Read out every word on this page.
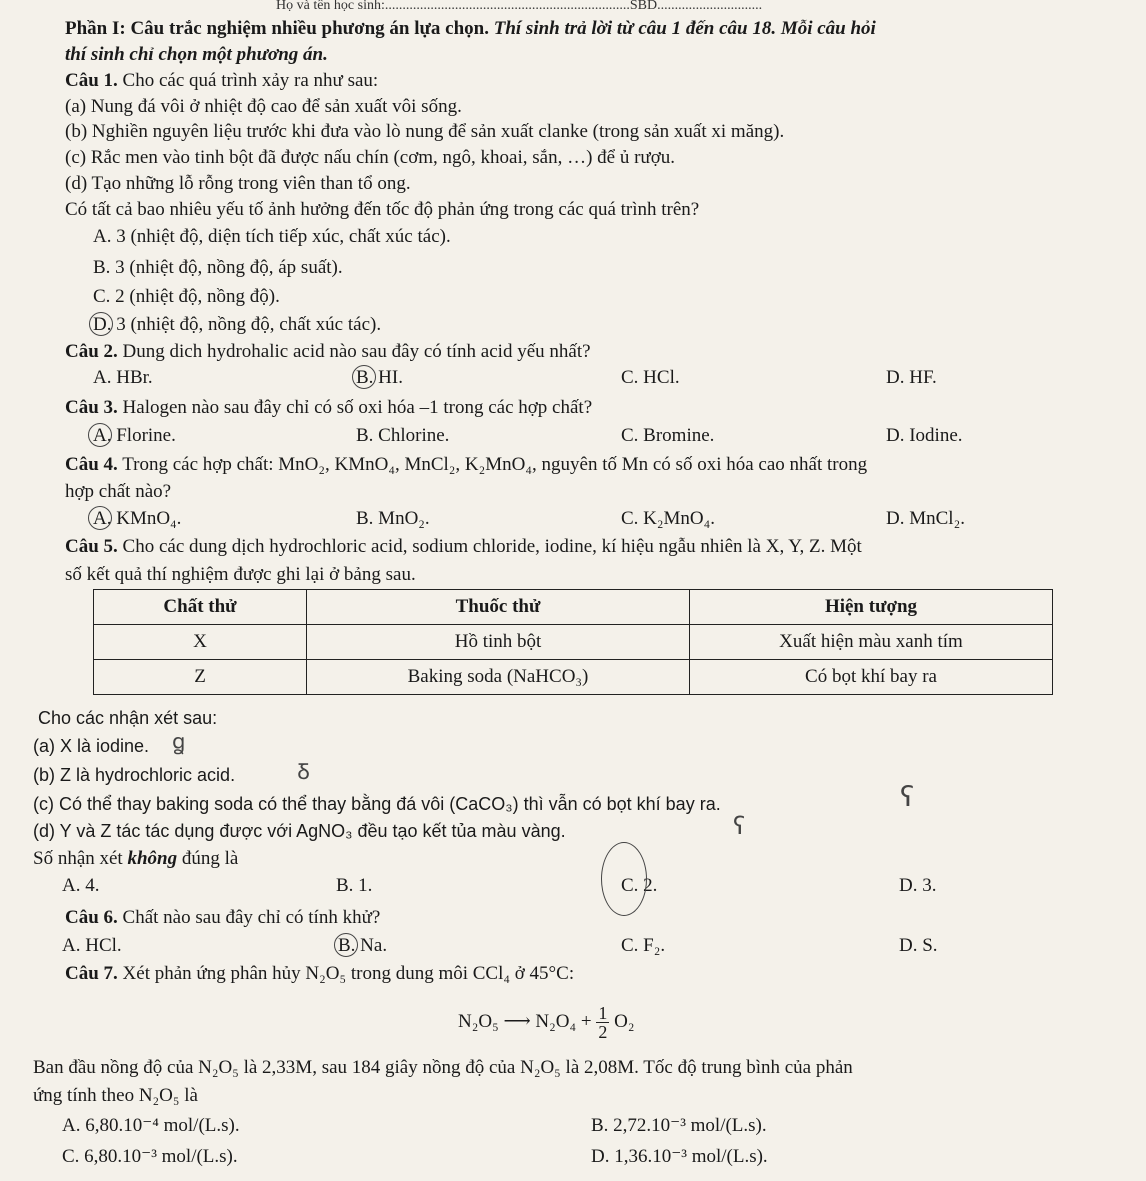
Họ và tên học sinh:......................................................................SBD..............................
Phần I: Câu trắc nghiệm nhiều phương án lựa chọn. Thí sinh trả lời từ câu 1 đến câu 18. Mỗi câu hỏi
thí sinh chỉ chọn một phương án.
Câu 1. Cho các quá trình xảy ra như sau:
(a) Nung đá vôi ở nhiệt độ cao để sản xuất vôi sống.
(b) Nghiền nguyên liệu trước khi đưa vào lò nung để sản xuất clanke (trong sản xuất xi măng).
(c) Rắc men vào tinh bột đã được nấu chín (cơm, ngô, khoai, sắn, …) để ủ rượu.
(d) Tạo những lỗ rỗng trong viên than tổ ong.
Có tất cả bao nhiêu yếu tố ảnh hưởng đến tốc độ phản ứng trong các quá trình trên?
A. 3 (nhiệt độ, diện tích tiếp xúc, chất xúc tác).
B. 3 (nhiệt độ, nồng độ, áp suất).
C. 2 (nhiệt độ, nồng độ).
D. 3 (nhiệt độ, nồng độ, chất xúc tác).
Câu 2. Dung dich hydrohalic acid nào sau đây có tính acid yếu nhất?
A. HBr.	B. HI.	C. HCl.	D. HF.
Câu 3. Halogen nào sau đây chỉ có số oxi hóa –1 trong các hợp chất?
A. Florine.	B. Chlorine.	C. Bromine.	D. Iodine.
Câu 4. Trong các hợp chất: MnO₂, KMnO₄, MnCl₂, K₂MnO₄, nguyên tố Mn có số oxi hóa cao nhất trong
hợp chất nào?
A. KMnO₄.	B. MnO₂.	C. K₂MnO₄.	D. MnCl₂.
Câu 5. Cho các dung dịch hydrochloric acid, sodium chloride, iodine, kí hiệu ngẫu nhiên là X, Y, Z. Một
số kết quả thí nghiệm được ghi lại ở bảng sau.
Chất thử	Thuốc thử	Hiện tượng
X	Hồ tinh bột	Xuất hiện màu xanh tím
Z	Baking soda (NaHCO₃)	Có bọt khí bay ra
Cho các nhận xét sau:
(a) X là iodine.
(b) Z là hydrochloric acid.
(c) Có thể thay baking soda có thể thay bằng đá vôi (CaCO₃) thì vẫn có bọt khí bay ra.
(d) Y và Z tác tác dụng được với AgNO₃ đều tạo kết tủa màu vàng.
ꬶ
Ᵹ
ʕ
ʕ
Số nhận xét không đúng là
A. 4.	B. 1.	C. 2.	D. 3.
Câu 6. Chất nào sau đây chỉ có tính khử?
A. HCl.	B. Na.	C. F₂.	D. S.
Câu 7. Xét phản ứng phân hủy N₂O₅ trong dung môi CCl₄ ở 45°C:
N₂O₅ ⟶ $N_2O_4 + \frac{1}{2} O_2$
Ban đầu nồng độ của N₂O₅ là 2,33M, sau 184 giây nồng độ của N₂O₅ là 2,08M. Tốc độ trung bình của phản
ứng tính theo N₂O₅ là
A. 6,80.10⁻⁴ mol/(L.s).	B. 2,72.10⁻³ mol/(L.s).
C. 6,80.10⁻³ mol/(L.s).	D. 1,36.10⁻³ mol/(L.s).
